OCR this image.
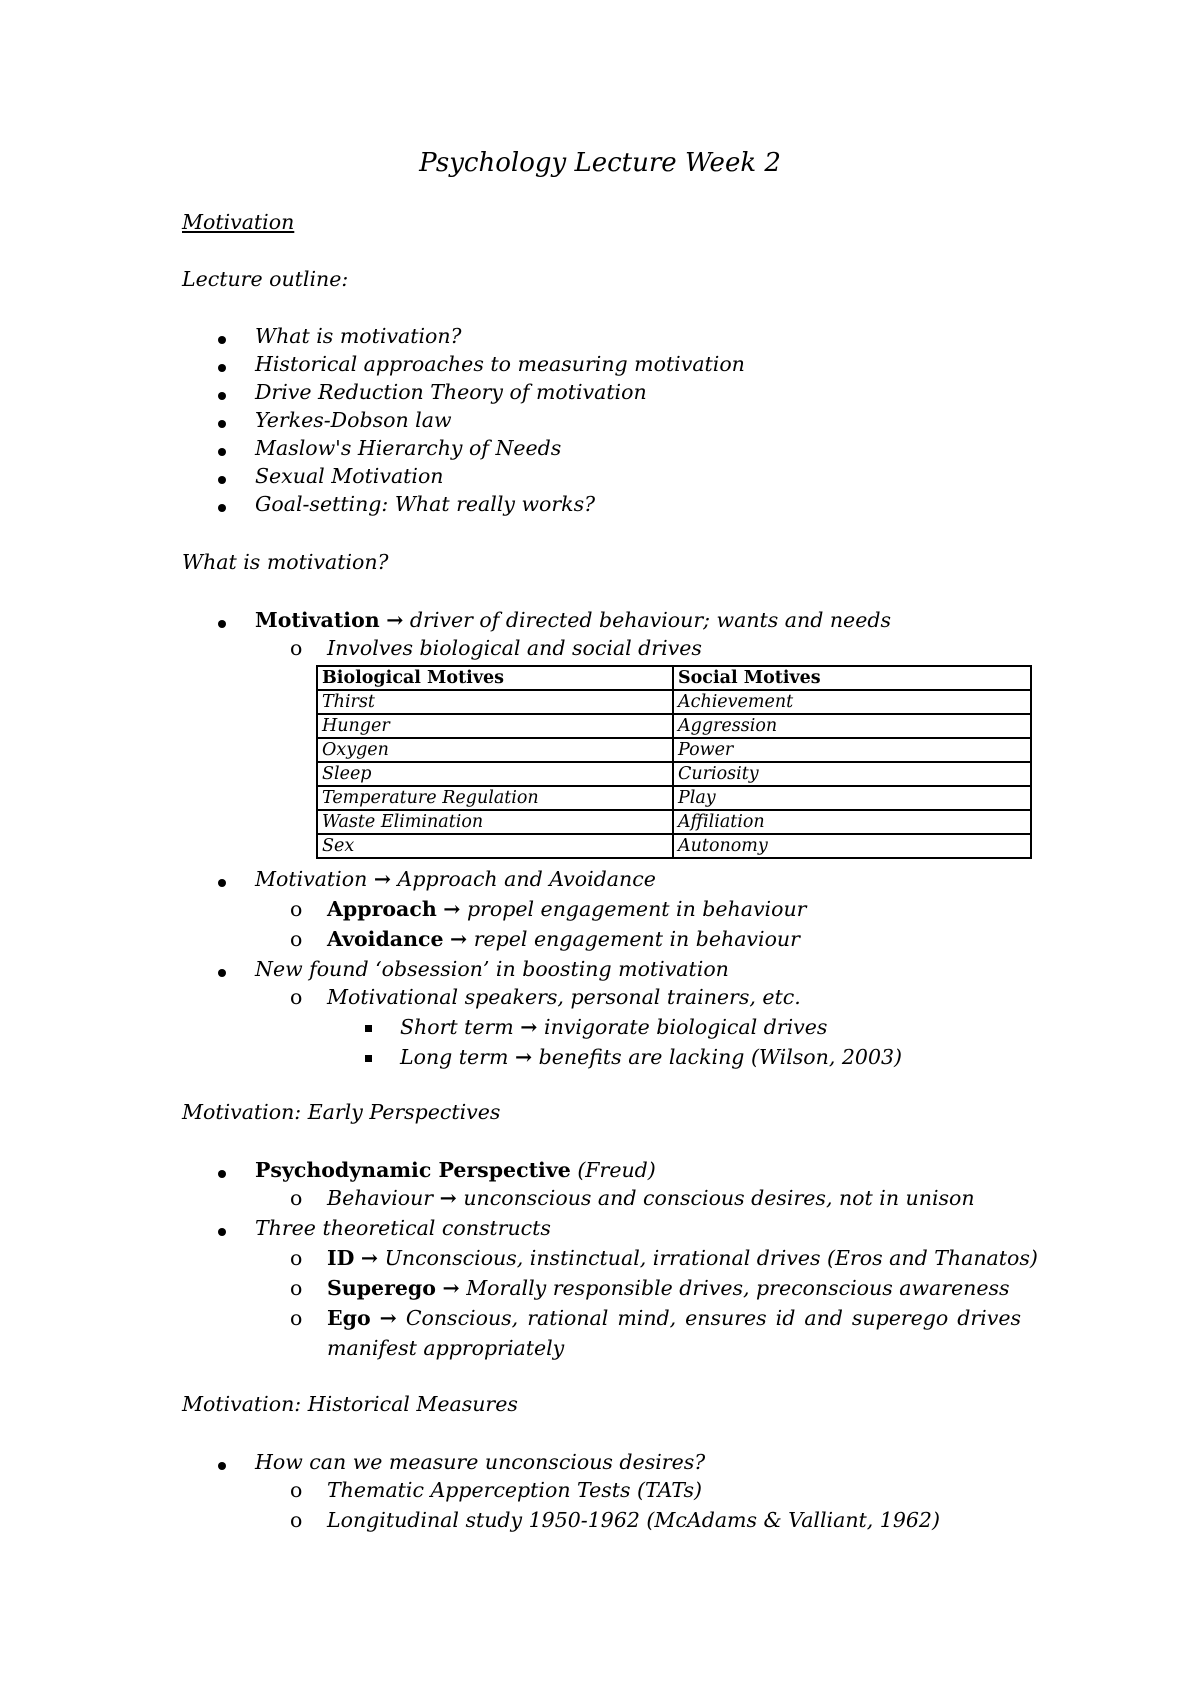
Psychology Lecture Week 2
Motivation
Lecture outline:
What is motivation?
Historical approaches to measuring motivation
Drive Reduction Theory of motivation
Yerkes-Dobson law
Maslow's Hierarchy of Needs
Sexual Motivation
Goal-setting: What really works?
What is motivation?
Motivation → driver of directed behaviour; wants and needs
o Involves biological and social drives
Biological Motives	Social Motives
Thirst	Achievement
Hunger	Aggression
Oxygen	Power
Sleep	Curiosity
Temperature Regulation	Play
Waste Elimination	Affiliation
Sex	Autonomy
Motivation → Approach and Avoidance
o Approach → propel engagement in behaviour
o Avoidance → repel engagement in behaviour
New found ‘obsession’ in boosting motivation
o Motivational speakers, personal trainers, etc.
Short term → invigorate biological drives
Long term → benefits are lacking (Wilson, 2003)
Motivation: Early Perspectives
Psychodynamic Perspective (Freud)
o Behaviour → unconscious and conscious desires, not in unison
Three theoretical constructs
o ID → Unconscious, instinctual, irrational drives (Eros and Thanatos)
o Superego → Morally responsible drives, preconscious awareness
o Ego → Conscious, rational mind, ensures id and superego drives
manifest appropriately
Motivation: Historical Measures
How can we measure unconscious desires?
o Thematic Apperception Tests (TATs)
o Longitudinal study 1950-1962 (McAdams & Valliant, 1962)
